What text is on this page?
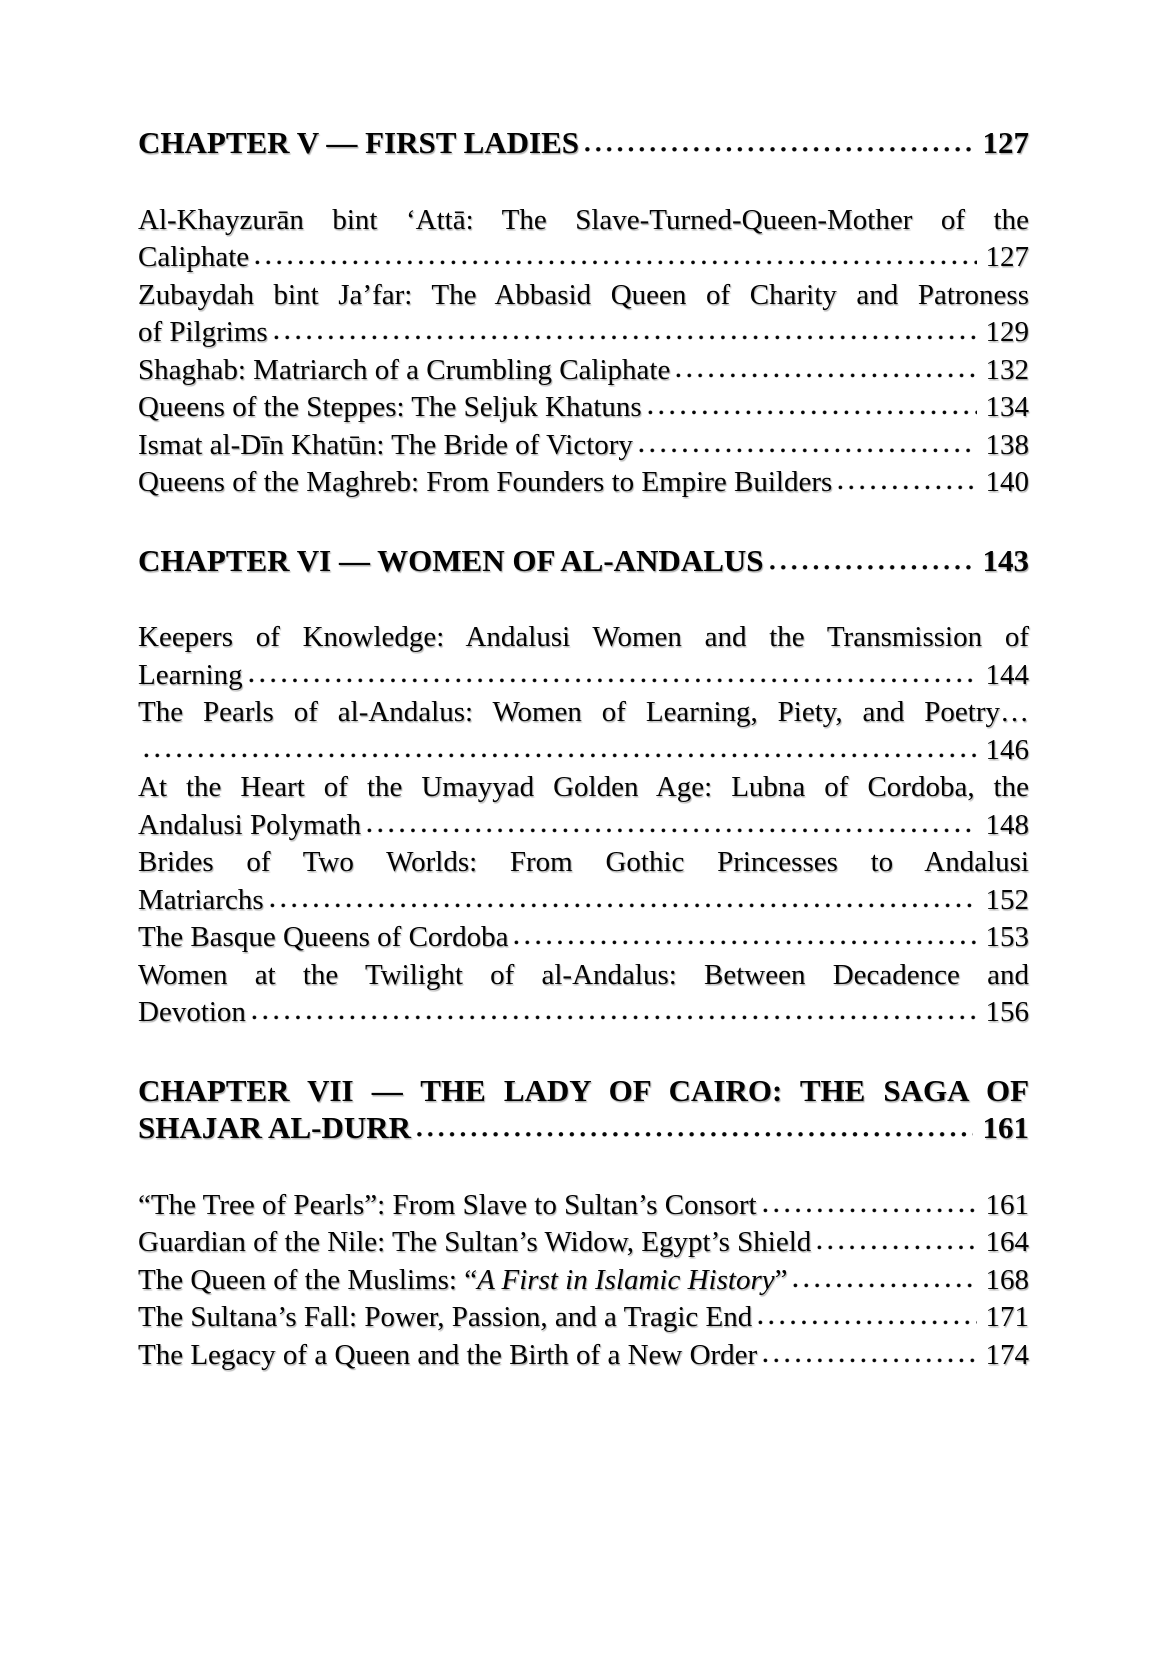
CHAPTER V — FIRST LADIES	127
Al-Khayzurān bint ‘Attā: The Slave-Turned-Queen-Mother of the
Caliphate	127
Zubaydah bint Ja’far: The Abbasid Queen of Charity and Patroness
of Pilgrims	129
Shaghab: Matriarch of a Crumbling Caliphate	132
Queens of the Steppes: The Seljuk Khatuns	134
Ismat al-Dīn Khatūn: The Bride of Victory	138
Queens of the Maghreb: From Founders to Empire Builders	140
CHAPTER VI — WOMEN OF AL-ANDALUS	143
Keepers of Knowledge: Andalusi Women and the Transmission of
Learning	144
The Pearls of al-Andalus: Women of Learning, Piety, and Poetry…
146
At the Heart of the Umayyad Golden Age: Lubna of Cordoba, the
Andalusi Polymath	148
Brides of Two Worlds: From Gothic Princesses to Andalusi
Matriarchs	152
The Basque Queens of Cordoba	153
Women at the Twilight of al-Andalus: Between Decadence and
Devotion	156
CHAPTER VII — THE LADY OF CAIRO: THE SAGA OF
SHAJAR AL-DURR	161
“The Tree of Pearls”: From Slave to Sultan’s Consort	161
Guardian of the Nile: The Sultan’s Widow, Egypt’s Shield	164
The Queen of the Muslims: “A First in Islamic History”	168
The Sultana’s Fall: Power, Passion, and a Tragic End	171
The Legacy of a Queen and the Birth of a New Order	174
